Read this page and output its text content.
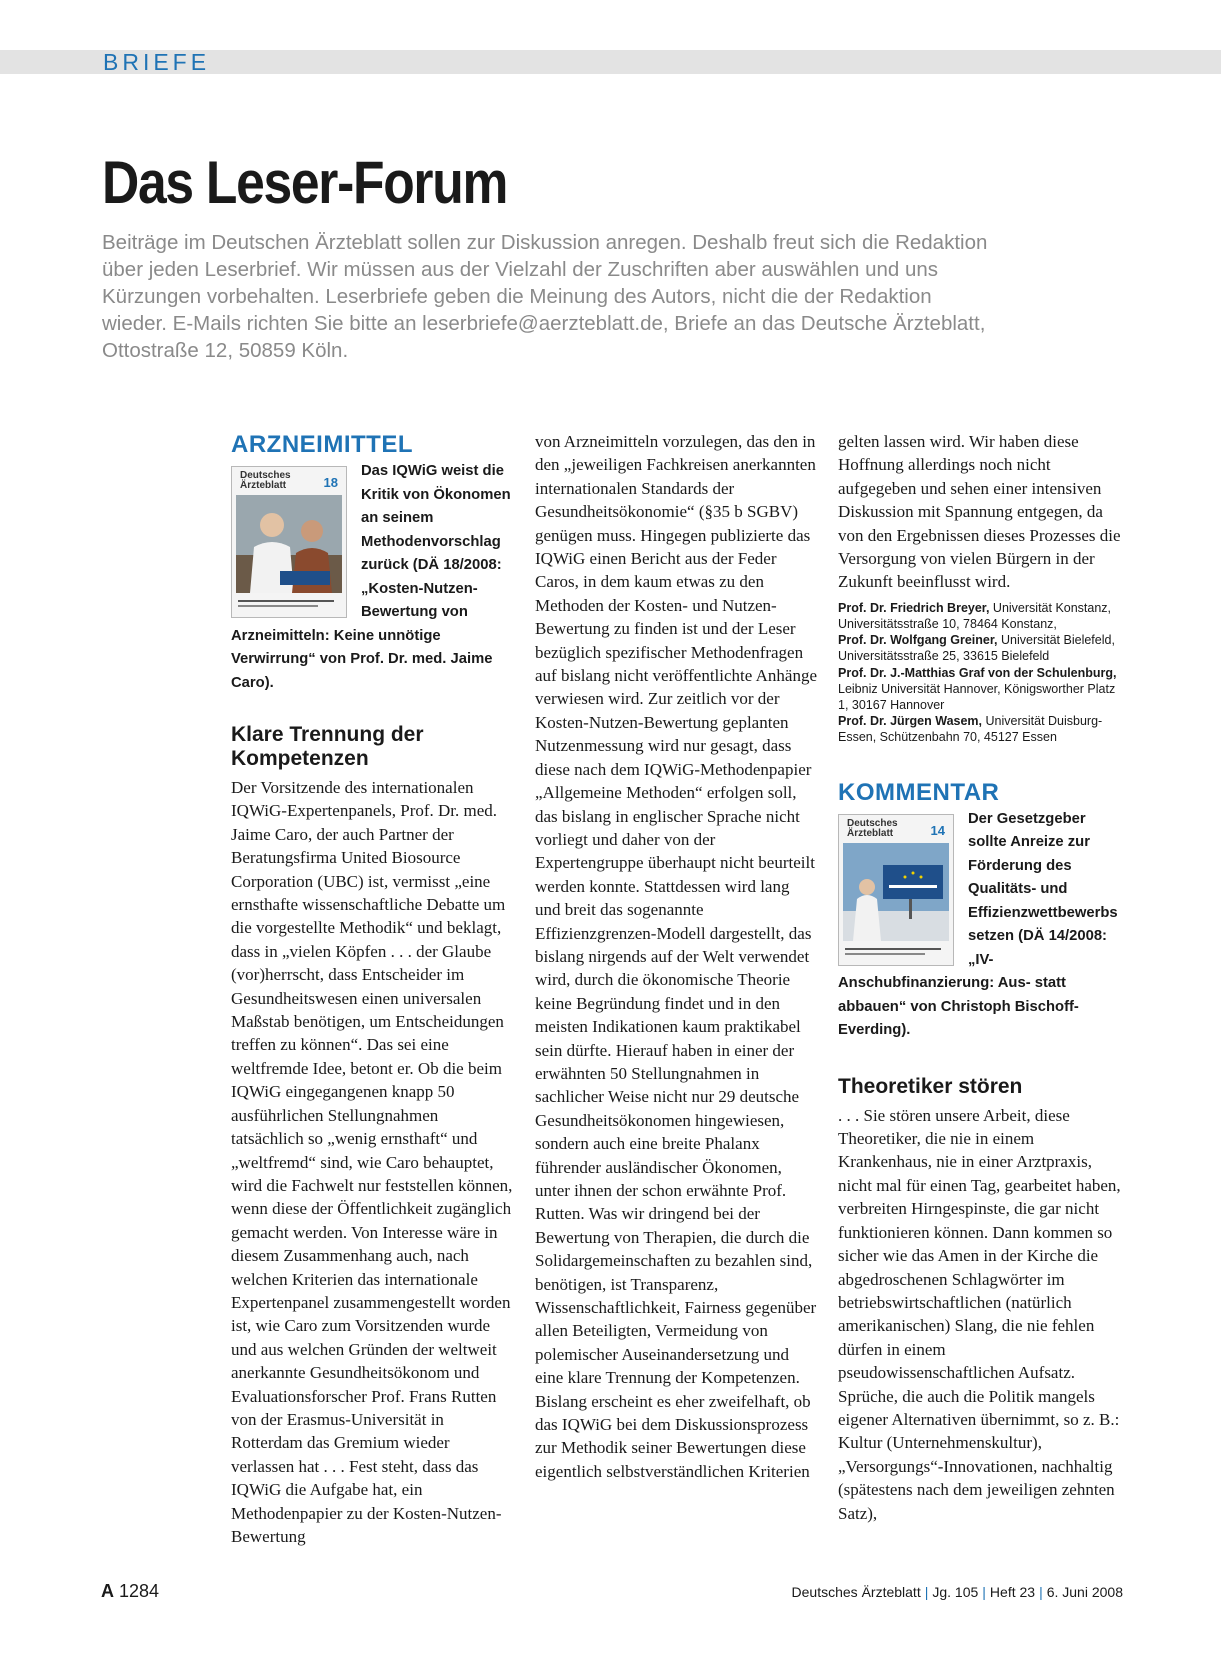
BRIEFE
Das Leser-Forum

Beiträge im Deutschen Ärzteblatt sollen zur Diskussion anregen. Deshalb freut sich die Redaktion über jeden Leserbrief. Wir müssen aus der Vielzahl der Zuschriften aber auswählen und uns Kürzungen vorbehalten. Leserbriefe geben die Meinung des Autors, nicht die der Redaktion wieder. E-Mails richten Sie bitte an leserbriefe@aerzteblatt.de, Briefe an das Deutsche Ärzteblatt, Ottostraße 12, 50859 Köln.

ARZNEIMITTEL
Deutsches
Ärzteblatt	18

Das IQWiG weist die Kritik von Ökonomen an seinem Methodenvorschlag zurück (DÄ 18/2008: „Kosten-Nutzen-Bewertung von Arzneimitteln: Keine unnötige Verwirrung“ von Prof. Dr. med. Jaime Caro).

Klare Trennung der Kompetenzen

Der Vorsitzende des internationalen IQWiG-Expertenpanels, Prof. Dr. med. Jaime Caro, der auch Partner der Beratungsfirma United Biosource Corporation (UBC) ist, vermisst „eine ernsthafte wissenschaftliche Debatte um die vorgestellte Methodik“ und beklagt, dass in „vielen Köpfen . . . der Glaube (vor)herrscht, dass Entscheider im Gesundheitswesen einen universalen Maßstab benötigen, um Entscheidungen treffen zu können“. Das sei eine weltfremde Idee, betont er. Ob die beim IQWiG eingegangenen knapp 50 ausführlichen Stellungnahmen tatsächlich so „wenig ernsthaft“ und „weltfremd“ sind, wie Caro behauptet, wird die Fachwelt nur feststellen können, wenn diese der Öffentlichkeit zugänglich gemacht werden. Von Interesse wäre in diesem Zusammenhang auch, nach welchen Kriterien das internationale Expertenpanel zusammengestellt worden ist, wie Caro zum Vorsitzenden wurde und aus welchen Gründen der weltweit anerkannte Gesundheitsökonom und Evaluationsforscher Prof. Frans Rutten von der Erasmus-Universität in Rotterdam das Gremium wieder verlassen hat . . . Fest steht, dass das IQWiG die Aufgabe hat, ein Methodenpapier zu der Kosten-Nutzen-Bewertung

von Arzneimitteln vorzulegen, das den in den „jeweiligen Fachkreisen anerkannten internationalen Standards der Gesundheitsökonomie“ (§35 b SGBV) genügen muss. Hingegen publizierte das IQWiG einen Bericht aus der Feder Caros, in dem kaum etwas zu den Methoden der Kosten- und Nutzen-Bewertung zu finden ist und der Leser bezüglich spezifischer Methodenfragen auf bislang nicht veröffentlichte Anhänge verwiesen wird. Zur zeitlich vor der Kosten-Nutzen-Bewertung geplanten Nutzenmessung wird nur gesagt, dass diese nach dem IQWiG-Methodenpapier „Allgemeine Methoden“ erfolgen soll, das bislang in englischer Sprache nicht vorliegt und daher von der Expertengruppe überhaupt nicht beurteilt werden konnte. Stattdessen wird lang und breit das sogenannte Effizienzgrenzen-Modell dargestellt, das bislang nirgends auf der Welt verwendet wird, durch die ökonomische Theorie keine Begründung findet und in den meisten Indikationen kaum praktikabel sein dürfte. Hierauf haben in einer der erwähnten 50 Stellungnahmen in sachlicher Weise nicht nur 29 deutsche Gesundheitsökonomen hingewiesen, sondern auch eine breite Phalanx führender ausländischer Ökonomen, unter ihnen der schon erwähnte Prof. Rutten. Was wir dringend bei der Bewertung von Therapien, die durch die Solidargemeinschaften zu bezahlen sind, benötigen, ist Transparenz, Wissenschaftlichkeit, Fairness gegenüber allen Beteiligten, Vermeidung von polemischer Auseinandersetzung und eine klare Trennung der Kompetenzen. Bislang erscheint es eher zweifelhaft, ob das IQWiG bei dem Diskussionsprozess zur Methodik seiner Bewertungen diese eigentlich selbstverständlichen Kriterien

gelten lassen wird. Wir haben diese Hoffnung allerdings noch nicht aufgegeben und sehen einer intensiven Diskussion mit Spannung entgegen, da von den Ergebnissen dieses Prozesses die Versorgung von vielen Bürgern in der Zukunft beeinflusst wird.

Prof. Dr. Friedrich Breyer, Universität Konstanz, Universitätsstraße 10, 78464 Konstanz,
Prof. Dr. Wolfgang Greiner, Universität Bielefeld, Universitätsstraße 25, 33615 Bielefeld
Prof. Dr. J.-Matthias Graf von der Schulenburg, Leibniz Universität Hannover, Königsworther Platz 1, 30167 Hannover
Prof. Dr. Jürgen Wasem, Universität Duisburg-Essen, Schützenbahn 70, 45127 Essen
KOMMENTAR
Deutsches
Ärzteblatt	14

Der Gesetzgeber sollte Anreize zur Förderung des Qualitäts- und Effizienzwettbewerbs setzen (DÄ 14/2008: „IV-Anschubfinanzierung: Aus- statt abbauen“ von Christoph Bischoff-Everding).

Theoretiker stören

. . . Sie stören unsere Arbeit, diese Theoretiker, die nie in einem Krankenhaus, nie in einer Arztpraxis, nicht mal für einen Tag, gearbeitet haben, verbreiten Hirngespinste, die gar nicht funktionieren können. Dann kommen so sicher wie das Amen in der Kirche die abgedroschenen Schlagwörter im betriebswirtschaftlichen (natürlich amerikanischen) Slang, die nie fehlen dürfen in einem pseudowissenschaftlichen Aufsatz. Sprüche, die auch die Politik mangels eigener Alternativen übernimmt, so z. B.: Kultur (Unternehmenskultur), „Versorgungs“-Innovationen, nachhaltig (spätestens nach dem jeweiligen zehnten Satz),

A 1284	Deutsches Ärzteblatt | Jg. 105 | Heft 23 | 6. Juni 2008
